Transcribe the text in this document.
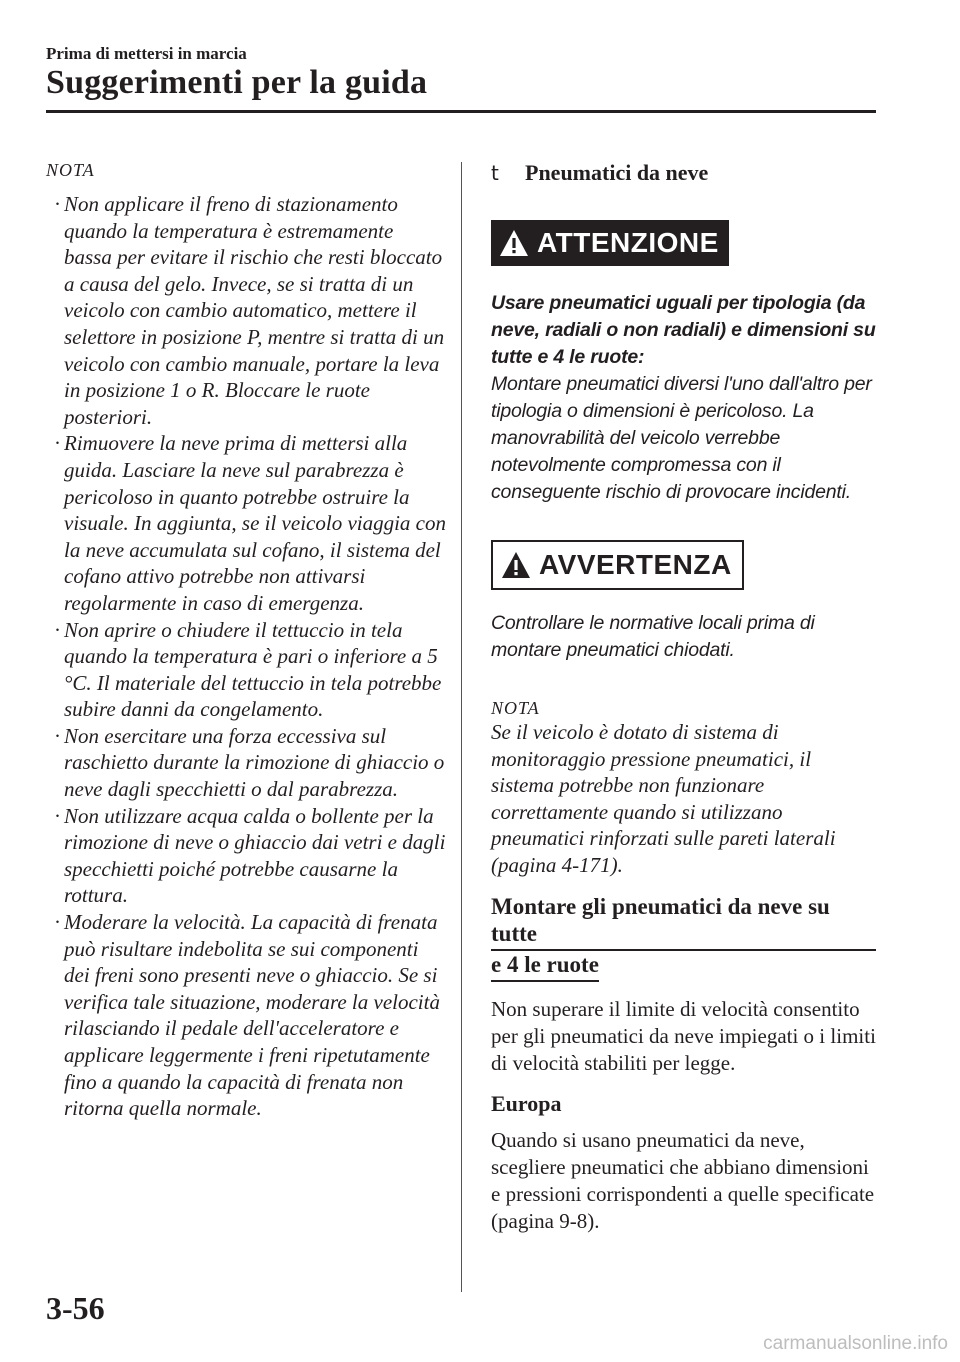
Prima di mettersi in marcia
Suggerimenti per la guida
NOTA
· Non applicare il freno di stazionamento quando la temperatura è estremamente bassa per evitare il rischio che resti bloccato a causa del gelo. Invece, se si tratta di un veicolo con cambio automatico, mettere il selettore in posizione P, mentre si tratta di un veicolo con cambio manuale, portare la leva in posizione 1 o R. Bloccare le ruote posteriori.
· Rimuovere la neve prima di mettersi alla guida. Lasciare la neve sul parabrezza è pericoloso in quanto potrebbe ostruire la visuale. In aggiunta, se il veicolo viaggia con la neve accumulata sul cofano, il sistema del cofano attivo potrebbe non attivarsi regolarmente in caso di emergenza.
· Non aprire o chiudere il tettuccio in tela quando la temperatura è pari o inferiore a 5 °C. Il materiale del tettuccio in tela potrebbe subire danni da congelamento.
· Non esercitare una forza eccessiva sul raschietto durante la rimozione di ghiaccio o neve dagli specchietti o dal parabrezza.
· Non utilizzare acqua calda o bollente per la rimozione di neve o ghiaccio dai vetri e dagli specchietti poiché potrebbe causarne la rottura.
· Moderare la velocità. La capacità di frenata può risultare indebolita se sui componenti dei freni sono presenti neve o ghiaccio. Se si verifica tale situazione, moderare la velocità rilasciando il pedale dell'acceleratore e applicare leggermente i freni ripetutamente fino a quando la capacità di frenata non ritorna quella normale.
t	Pneumatici da neve
ATTENZIONE
Usare pneumatici uguali per tipologia (da neve, radiali o non radiali) e dimensioni su tutte e 4 le ruote:
Montare pneumatici diversi l'uno dall'altro per tipologia o dimensioni è pericoloso. La manovrabilità del veicolo verrebbe notevolmente compromessa con il conseguente rischio di provocare incidenti.
AVVERTENZA
Controllare le normative locali prima di montare pneumatici chiodati.
NOTA
Se il veicolo è dotato di sistema di monitoraggio pressione pneumatici, il sistema potrebbe non funzionare correttamente quando si utilizzano pneumatici rinforzati sulle pareti laterali (pagina 4-171).
Montare gli pneumatici da neve su tutte
e 4 le ruote
Non superare il limite di velocità consentito per gli pneumatici da neve impiegati o i limiti di velocità stabiliti per legge.
Europa
Quando si usano pneumatici da neve, scegliere pneumatici che abbiano dimensioni e pressioni corrispondenti a quelle specificate (pagina 9-8).
3-56
carmanualsonline.info
